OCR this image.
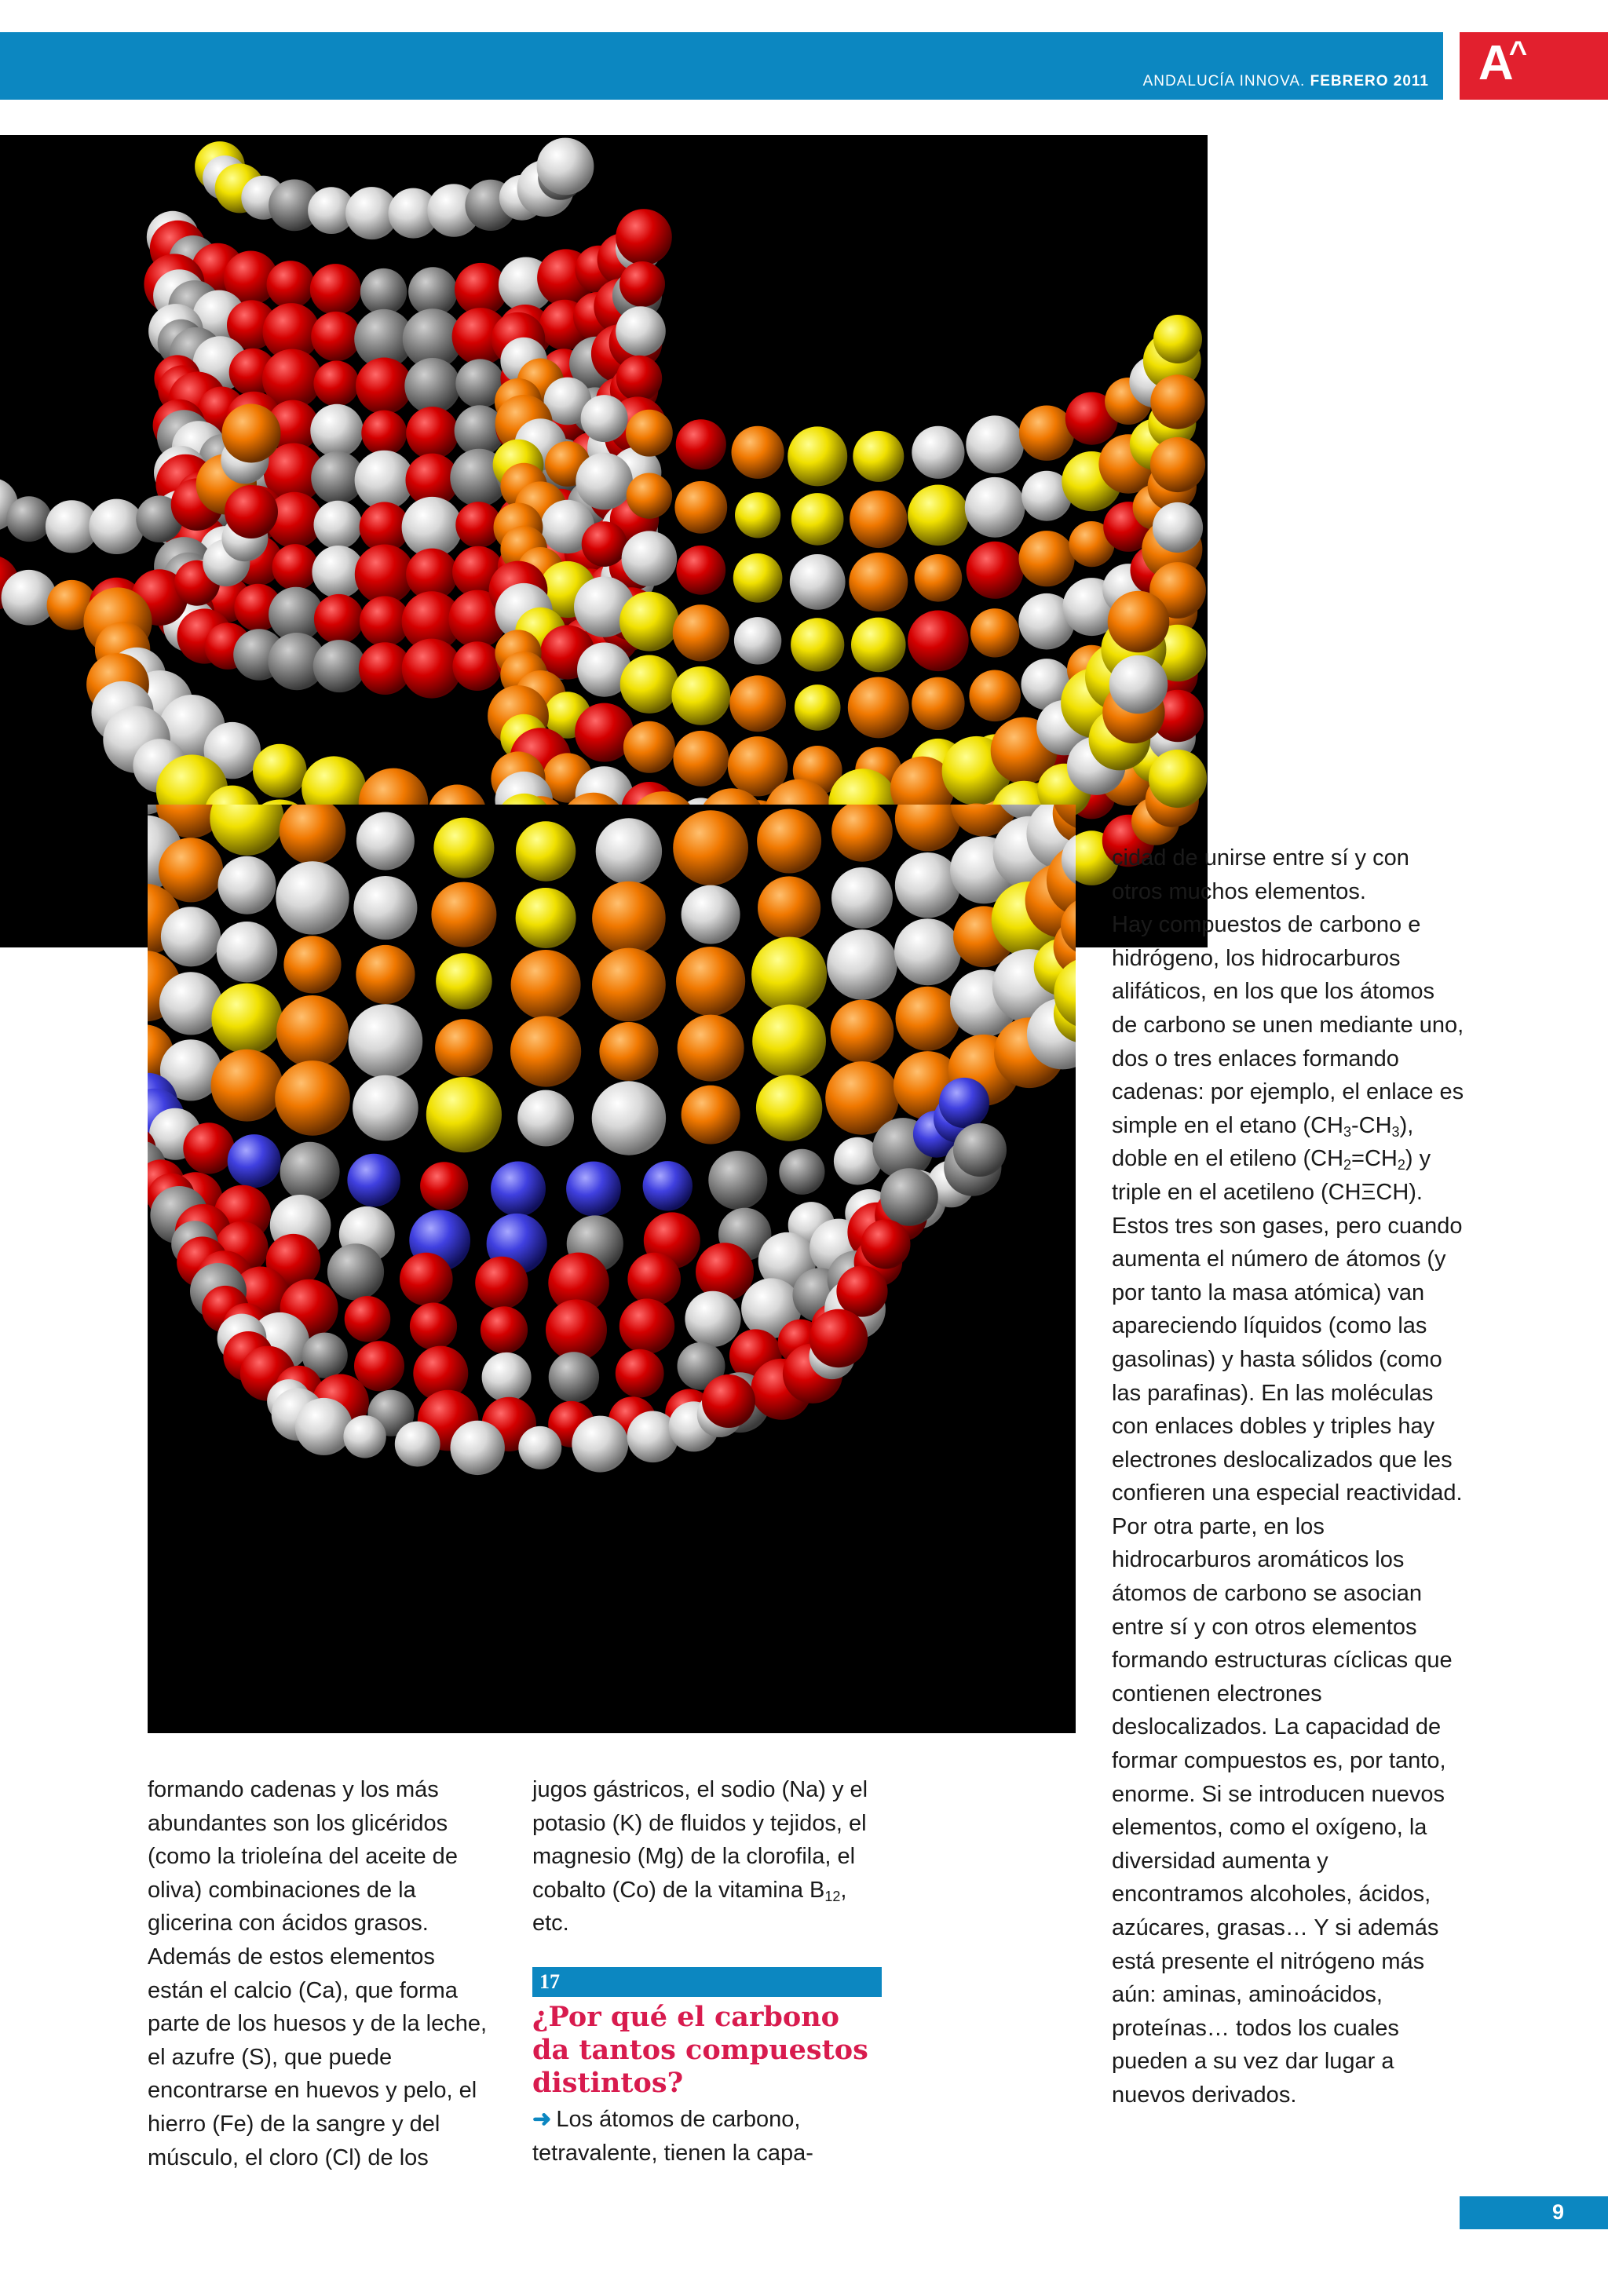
ANDALUCÍA INNOVA. FEBRERO 2011	A^

formando cadenas y los más abundantes son los glicéridos (como la trioleína del aceite de oliva) combinaciones de la glicerina con ácidos grasos. Además de estos elementos están el calcio (Ca), que forma parte de los huesos y de la leche, el azufre (S), que puede encontrarse en huevos y pelo, el hierro (Fe) de la sangre y del músculo, el cloro (Cl) de los

jugos gástricos, el sodio (Na) y el potasio (K) de fluidos y tejidos, el magnesio (Mg) de la clorofila, el cobalto (Co) de la vitamina $B_{12}$, etc.

17
¿Por qué el carbono da tantos compuestos distintos?
➜ Los átomos de carbono, tetravalente, tienen la capa-

cidad de unirse entre sí y con otros muchos elementos.

Hay compuestos de carbono e hidrógeno, los hidrocarburos alifáticos, en los que los átomos de carbono se unen mediante uno, dos o tres enlaces formando cadenas: por ejemplo, el enlace es simple en el etano $(CH_3-CH_3)$, doble en el etileno $(CH_2=CH_2)$ y triple en el acetileno (CHΞCH). Estos tres son gases, pero cuando aumenta el número de átomos (y por tanto la masa atómica) van apareciendo líquidos (como las gasolinas) y hasta sólidos (como las parafinas). En las moléculas con enlaces dobles y triples hay electrones deslocalizados que les confieren una especial reactividad. Por otra parte, en los hidrocarburos aromáticos los átomos de carbono se asocian entre sí y con otros elementos formando estructuras cíclicas que contienen electrones deslocalizados. La capacidad de formar compuestos es, por tanto, enorme. Si se introducen nuevos elementos, como el oxígeno, la diversidad aumenta y encontramos alcoholes, ácidos, azúcares, grasas… Y si además está presente el nitrógeno más aún: aminas, aminoácidos, proteínas… todos los cuales pueden a su vez dar lugar a nuevos derivados.

9
